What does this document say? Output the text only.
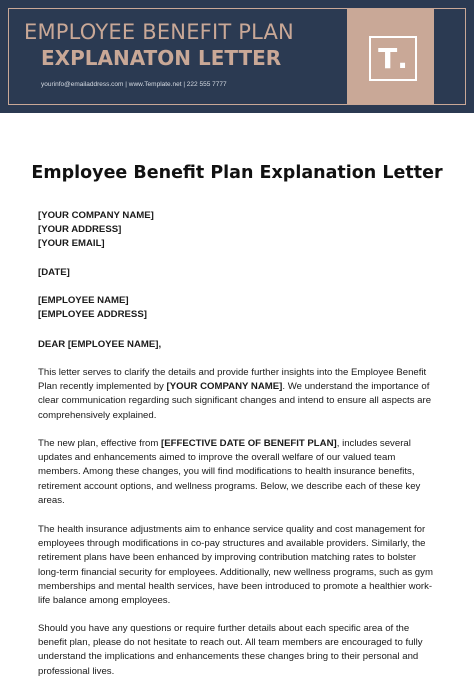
EMPLOYEE BENEFIT PLAN
EXPLANATON LETTER
yourinfo@emailaddress.com | www.Template.net | 222 555 7777
T .
Employee Benefit Plan Explanation Letter

[YOUR COMPANY NAME]

[YOUR ADDRESS]

[YOUR EMAIL]

[DATE]

[EMPLOYEE NAME]

[EMPLOYEE ADDRESS]

DEAR [EMPLOYEE NAME],

This letter serves to clarify the details and provide further insights into the Employee Benefit Plan recently implemented by [YOUR COMPANY NAME]. We understand the importance of clear communication regarding such significant changes and intend to ensure all aspects are comprehensively explained.

The new plan, effective from [EFFECTIVE DATE OF BENEFIT PLAN], includes several updates and enhancements aimed to improve the overall welfare of our valued team members. Among these changes, you will find modifications to health insurance benefits, retirement account options, and wellness programs. Below, we describe each of these key areas.

The health insurance adjustments aim to enhance service quality and cost management for employees through modifications in co-pay structures and available providers. Similarly, the retirement plans have been enhanced by improving contribution matching rates to bolster long-term financial security for employees. Additionally, new wellness programs, such as gym memberships and mental health services, have been introduced to promote a healthier work-life balance among employees.

Should you have any questions or require further details about each specific area of the benefit plan, please do not hesitate to reach out. All team members are encouraged to fully understand the implications and enhancements these changes bring to their personal and professional lives.
